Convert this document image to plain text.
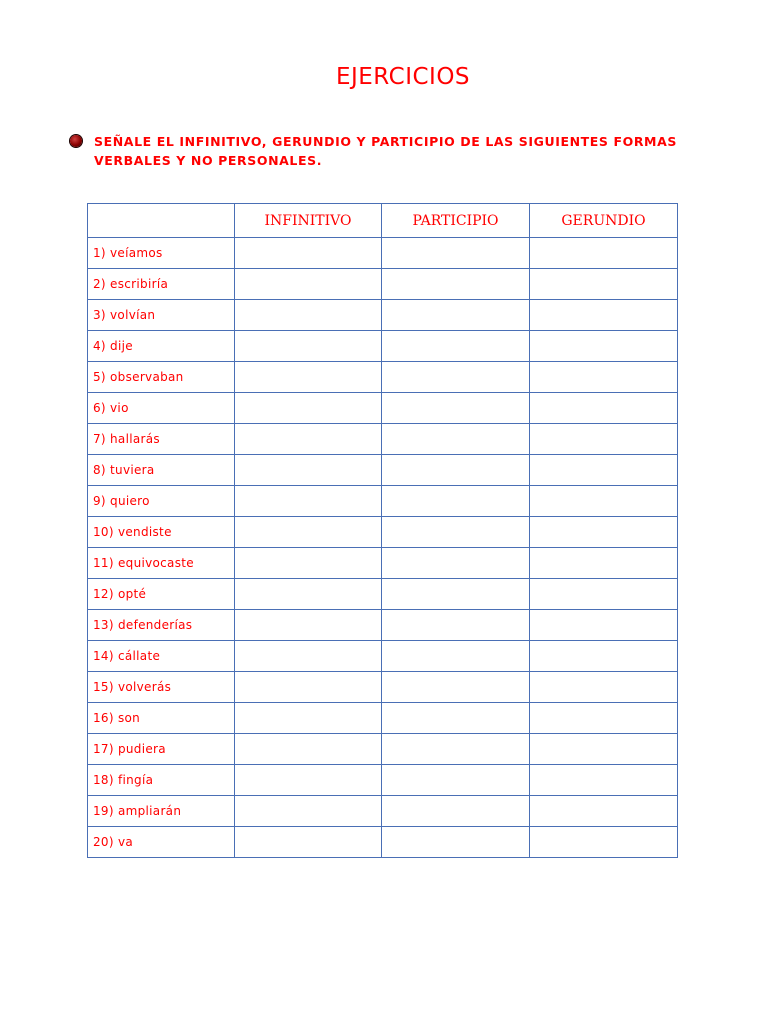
EJERCICIOS
SEÑALE EL INFINITIVO, GERUNDIO Y PARTICIPIO DE LAS SIGUIENTES FORMAS VERBALES Y NO PERSONALES.
	INFINITIVO	PARTICIPIO	GERUNDIO
1) veíamos			
2) escribiría			
3) volvían			
4) dije			
5) observaban			
6) vio			
7) hallarás			
8) tuviera			
9) quiero			
10) vendiste			
11) equivocaste			
12) opté			
13) defenderías			
14) cállate			
15) volverás			
16) son			
17) pudiera			
18) fingía			
19) ampliarán			
20) va			
